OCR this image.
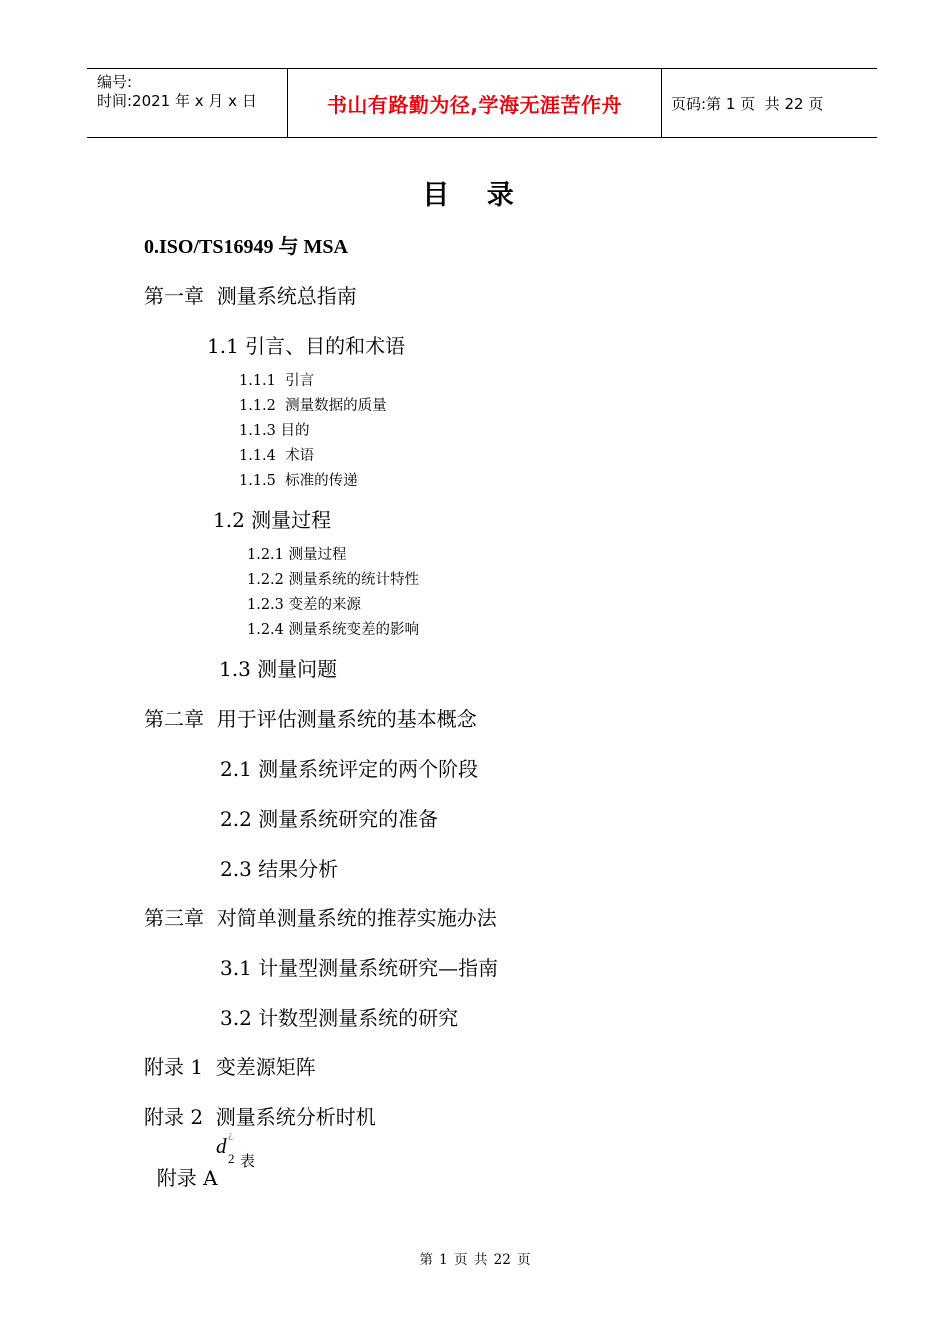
编号:
时间:2021 年 x 月 x 日	书山有路勤为径,学海无涯苦作舟	页码:第 1 页  共 22 页
目 录
0.ISO/TS16949 与 MSA
第一章  测量系统总指南
1.1 引言、目的和术语
1.1.1  引言
1.1.2  测量数据的质量
1.1.3 目的
1.1.4  术语
1.1.5  标准的传递
1.2 测量过程
1.2.1 测量过程
1.2.2 测量系统的统计特性
1.2.3 变差的来源
1.2.4 测量系统变差的影响
1.3 测量问题
第二章  用于评估测量系统的基本概念
2.1 测量系统评定的两个阶段
2.2 测量系统研究的准备
2.3 结果分析
第三章  对简单测量系统的推荐实施办法
3.1 计量型测量系统研究—指南
3.2 计数型测量系统的研究
附录 1  变差源矩阵
附录 2  测量系统分析时机

附录 A

d

¿

2

表

第 1 页 共 22 页
